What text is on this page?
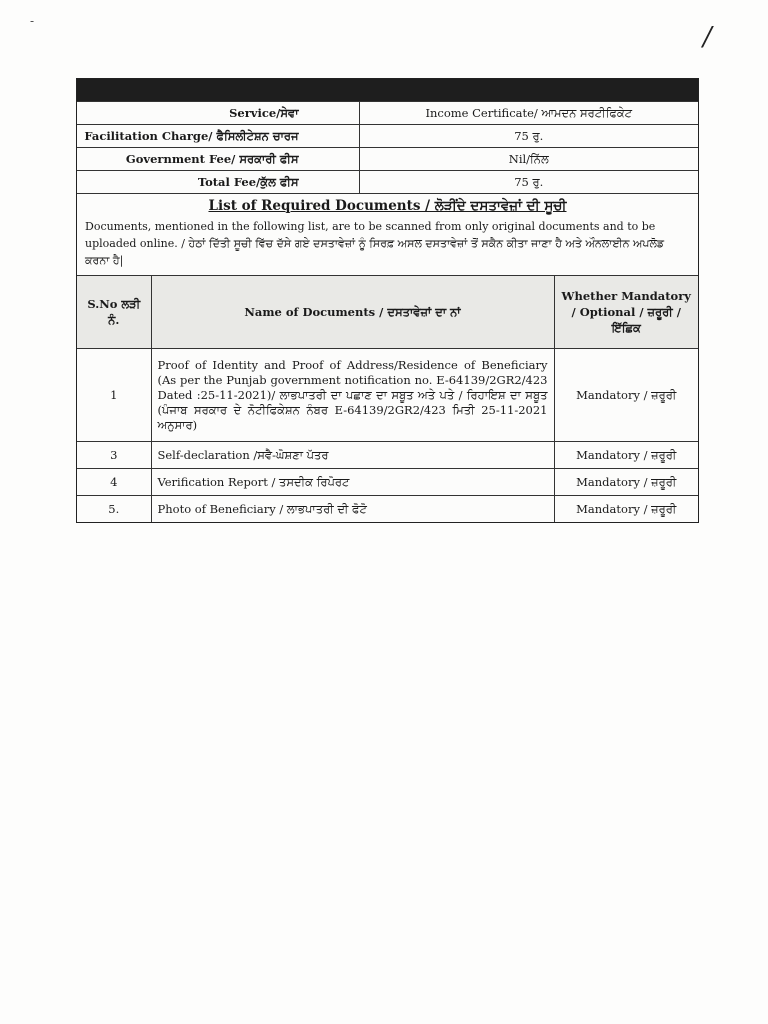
-
/
Service/ਸੇਵਾ	Income Certificate/ ਆਮਦਨ ਸਰਟੀਫਿਕੇਟ
Facilitation Charge/ ਫੈਸਿਲੀਟੇਸ਼ਨ ਚਾਰਜ	75 ਰੁ.
Government Fee/ ਸਰਕਾਰੀ ਫੀਸ	Nil/ਨਿੱਲ
Total Fee/ਕੁੱਲ ਫੀਸ	75 ਰੁ.
List of Required Documents / ਲੋੜੀਂਦੇ ਦਸਤਾਵੇਜ਼ਾਂ ਦੀ ਸੂਚੀ
Documents, mentioned in the following list, are to be scanned from only original documents and to be uploaded online. / ਹੇਠਾਂ ਦਿੱਤੀ ਸੂਚੀ ਵਿੱਚ ਦੱਸੇ ਗਏ ਦਸਤਾਵੇਜ਼ਾਂ ਨੂੰ ਸਿਰਫ਼ ਅਸਲ ਦਸਤਾਵੇਜ਼ਾਂ ਤੋਂ ਸਕੈਨ ਕੀਤਾ ਜਾਣਾ ਹੈ ਅਤੇ ਔਨਲਾਈਨ ਅਪਲੋਡ ਕਰਨਾ ਹੈ|
S.No ਲੜੀ ਨੰ.	Name of Documents / ਦਸਤਾਵੇਜ਼ਾਂ ਦਾ ਨਾਂ	Whether Mandatory / Optional / ਜ਼ਰੂਰੀ / ਇੱਛਿਕ
1	Proof of Identity and Proof of Address/Residence of Beneficiary (As per the Punjab government notification no. E-64139/2GR2/423 Dated :25-11-2021)/ ਲਾਭਪਾਤਰੀ ਦਾ ਪਛਾਣ ਦਾ ਸਬੂਤ ਅਤੇ ਪਤੇ / ਰਿਹਾਇਸ਼ ਦਾ ਸਬੂਤ (ਪੰਜਾਬ ਸਰਕਾਰ ਦੇ ਨੋਟੀਫਿਕੇਸ਼ਨ ਨੰਬਰ E-64139/2GR2/423 ਮਿਤੀ 25-11-2021 ਅਨੁਸਾਰ)	Mandatory / ਜ਼ਰੂਰੀ
3	Self-declaration /ਸਵੈ-ਘੋਸ਼ਣਾ ਪੱਤਰ	Mandatory / ਜ਼ਰੂਰੀ
4	Verification Report / ਤਸਦੀਕ ਰਿਪੋਰਟ	Mandatory / ਜ਼ਰੂਰੀ
5.	Photo of Beneficiary / ਲਾਭਪਾਤਰੀ ਦੀ ਫੋਟੋ	Mandatory / ਜ਼ਰੂਰੀ
